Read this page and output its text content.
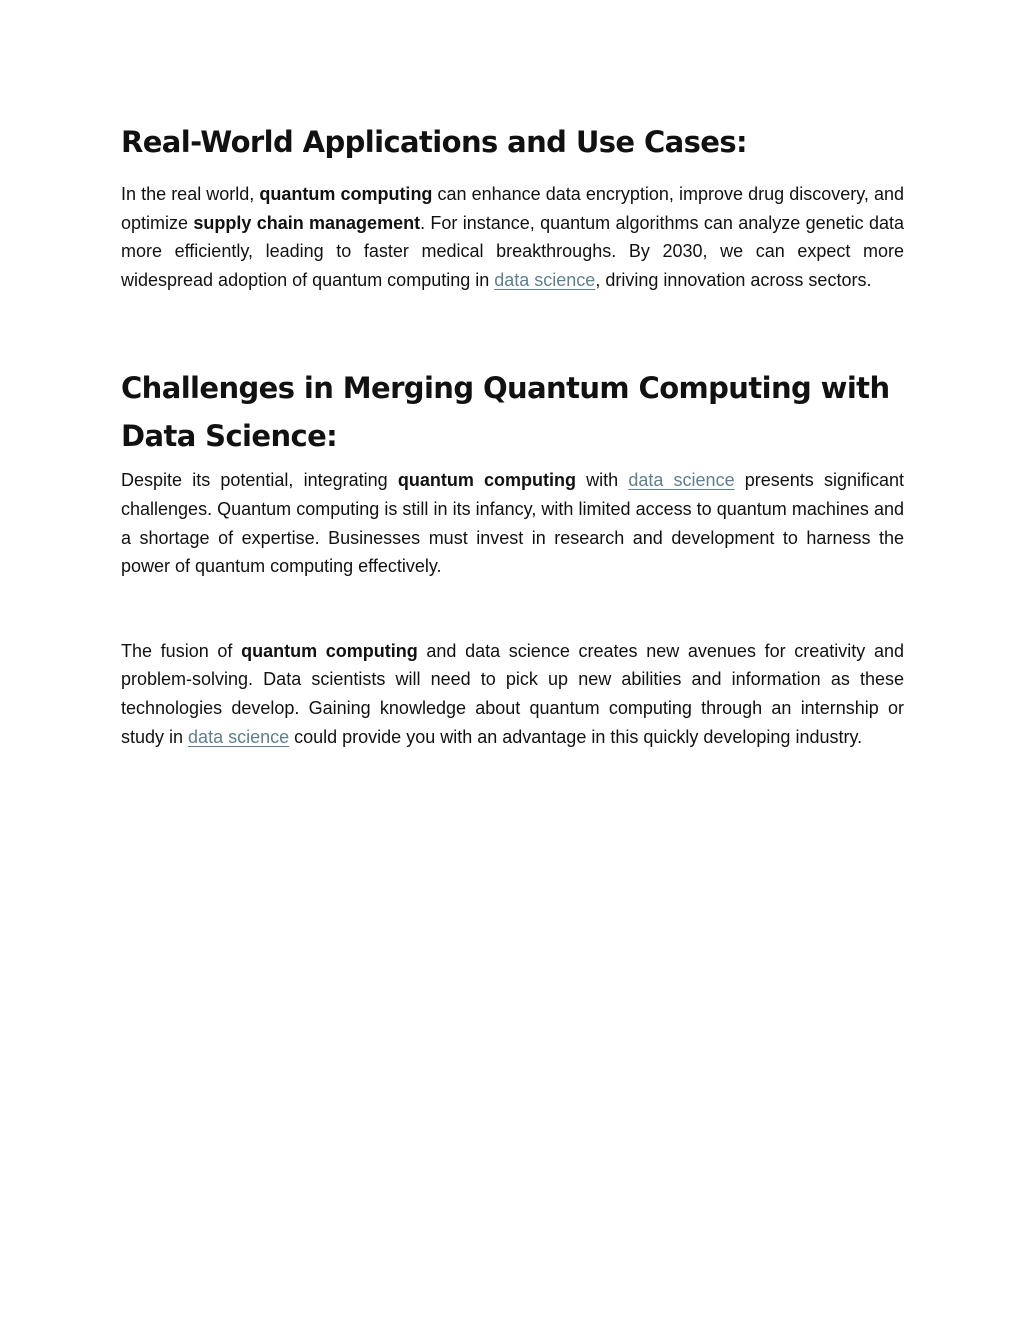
Real-World Applications and Use Cases:

In the real world, quantum computing can enhance data encryption, improve drug discovery, and optimize supply chain management. For instance, quantum algorithms can analyze genetic data more efficiently, leading to faster medical breakthroughs. By 2030, we can expect more widespread adoption of quantum computing in data science, driving innovation across sectors.

Challenges in Merging Quantum Computing with Data Science:

Despite its potential, integrating quantum computing with data science presents significant challenges. Quantum computing is still in its infancy, with limited access to quantum machines and a shortage of expertise. Businesses must invest in research and development to harness the power of quantum computing effectively.

The fusion of quantum computing and data science creates new avenues for creativity and problem-solving. Data scientists will need to pick up new abilities and information as these technologies develop. Gaining knowledge about quantum computing through an internship or study in data science could provide you with an advantage in this quickly developing industry.
